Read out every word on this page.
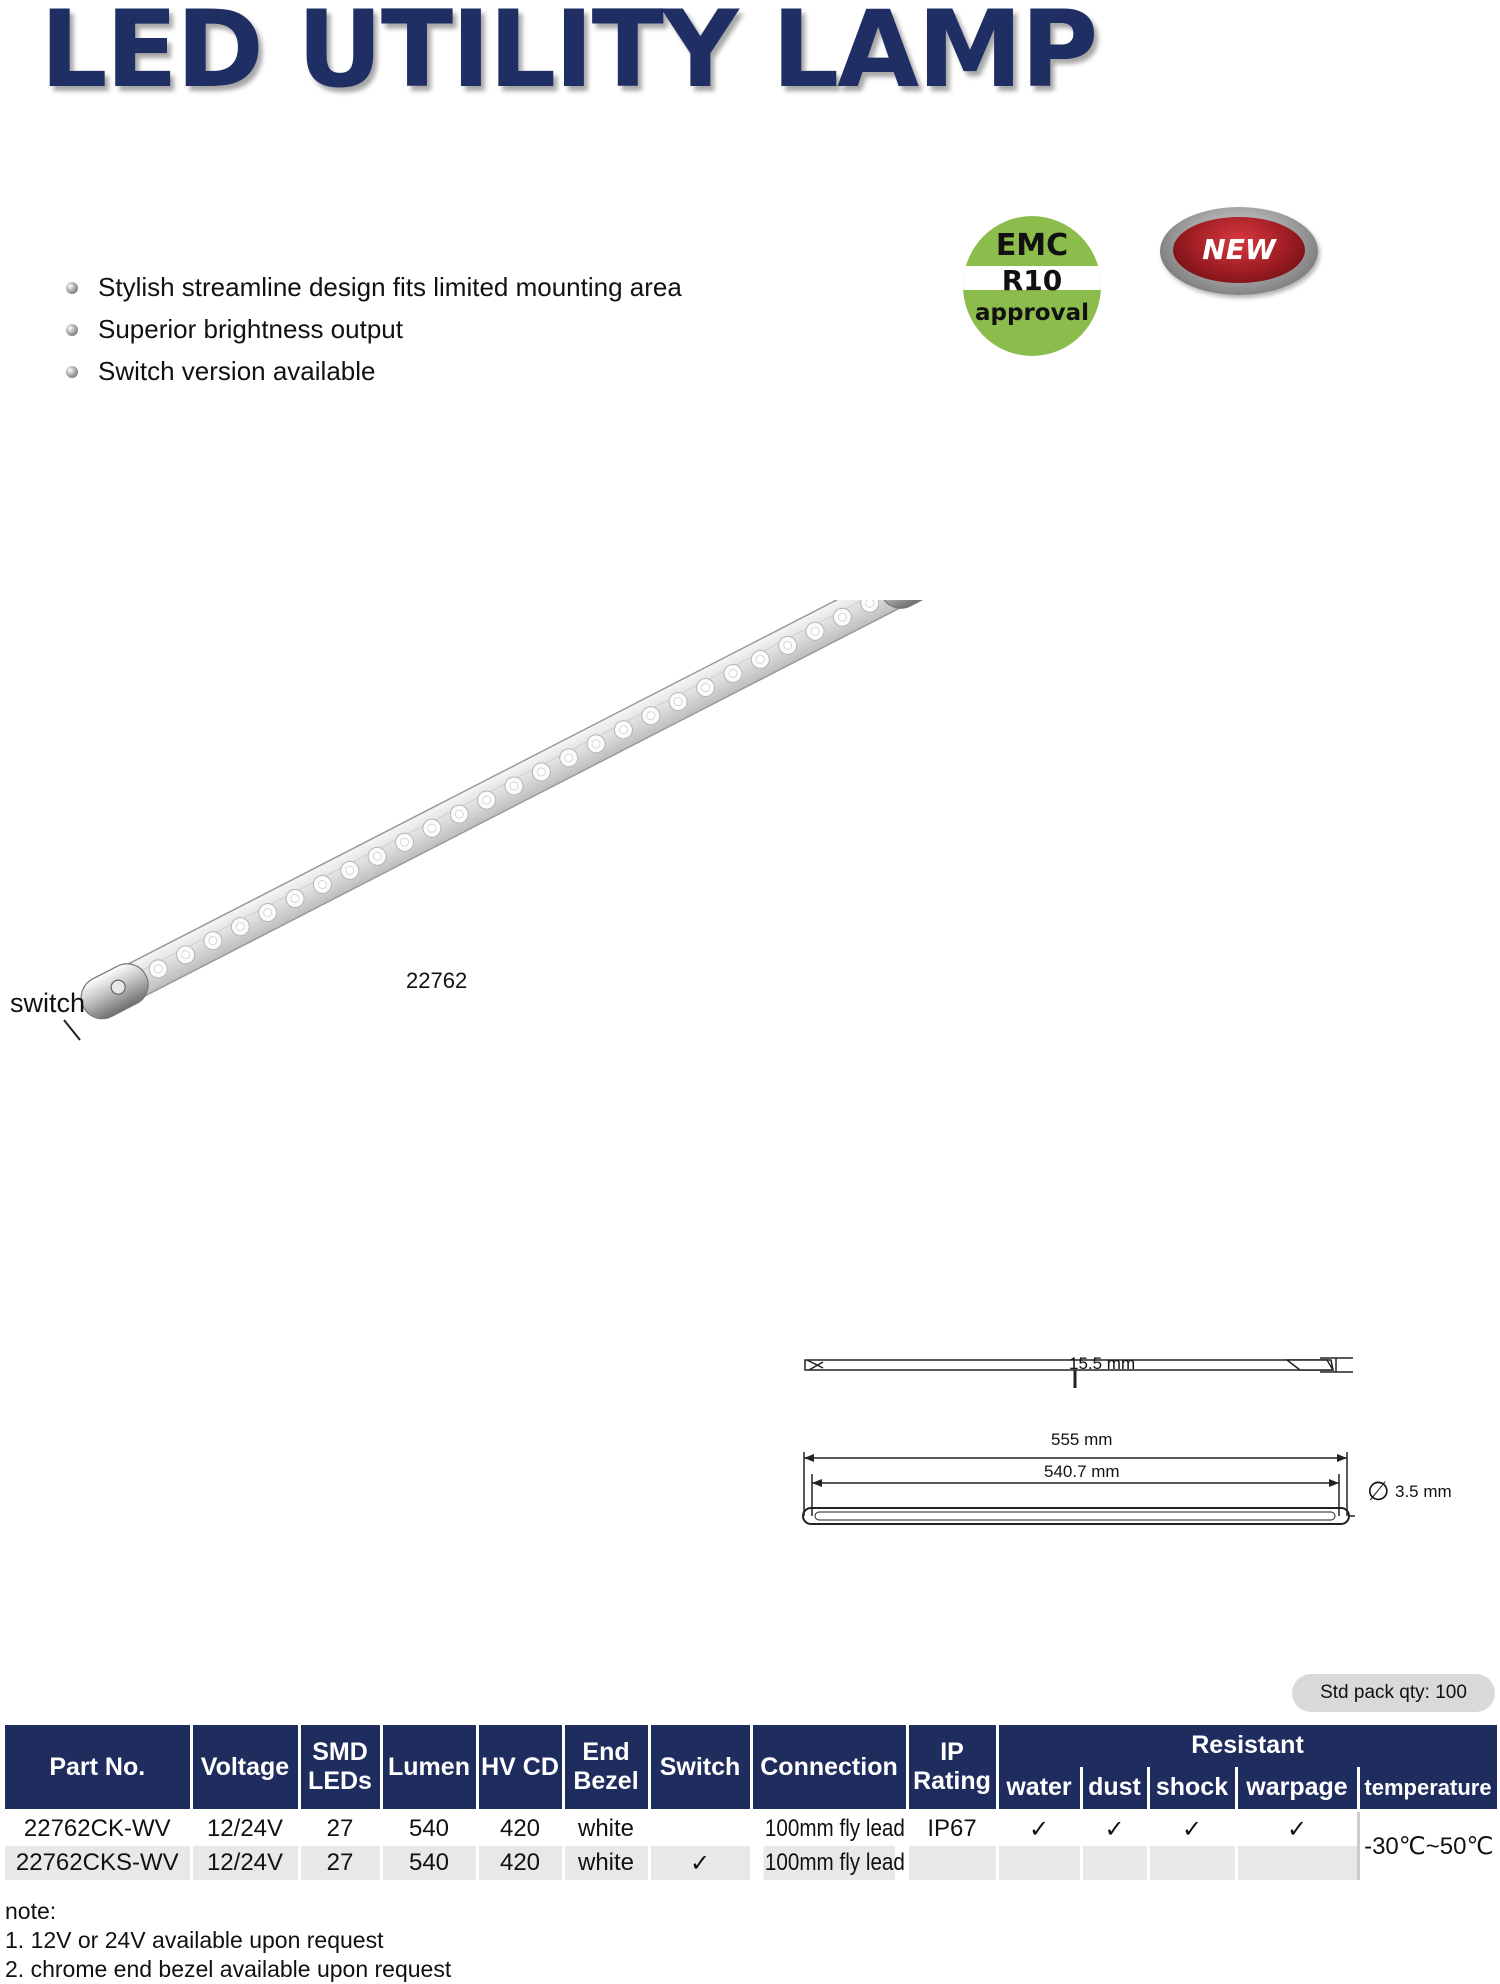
LED UTILITY LAMP
Stylish streamline design fits limited mounting area
Superior brightness output
Switch version available
EMC
R10
approval
NEW
switch
22762
15.5 mm
555 mm
540.7 mm
∅ 3.5 mm
Std pack qty: 100
Part No.	Voltage	SMD LEDs	Lumen	HV CD	End Bezel	Switch	Connection	IP Rating	Resistant				
									water	dust	shock	warpage	temperature
22762CK-WV	12/24V	27	540	420	white		100mm fly lead	IP67	✓	✓	✓	✓	-30℃~50℃
22762CKS-WV	12/24V	27	540	420	white	✓	100mm fly lead						
note:
1. 12V or 24V available upon request
2. chrome end bezel available upon request
